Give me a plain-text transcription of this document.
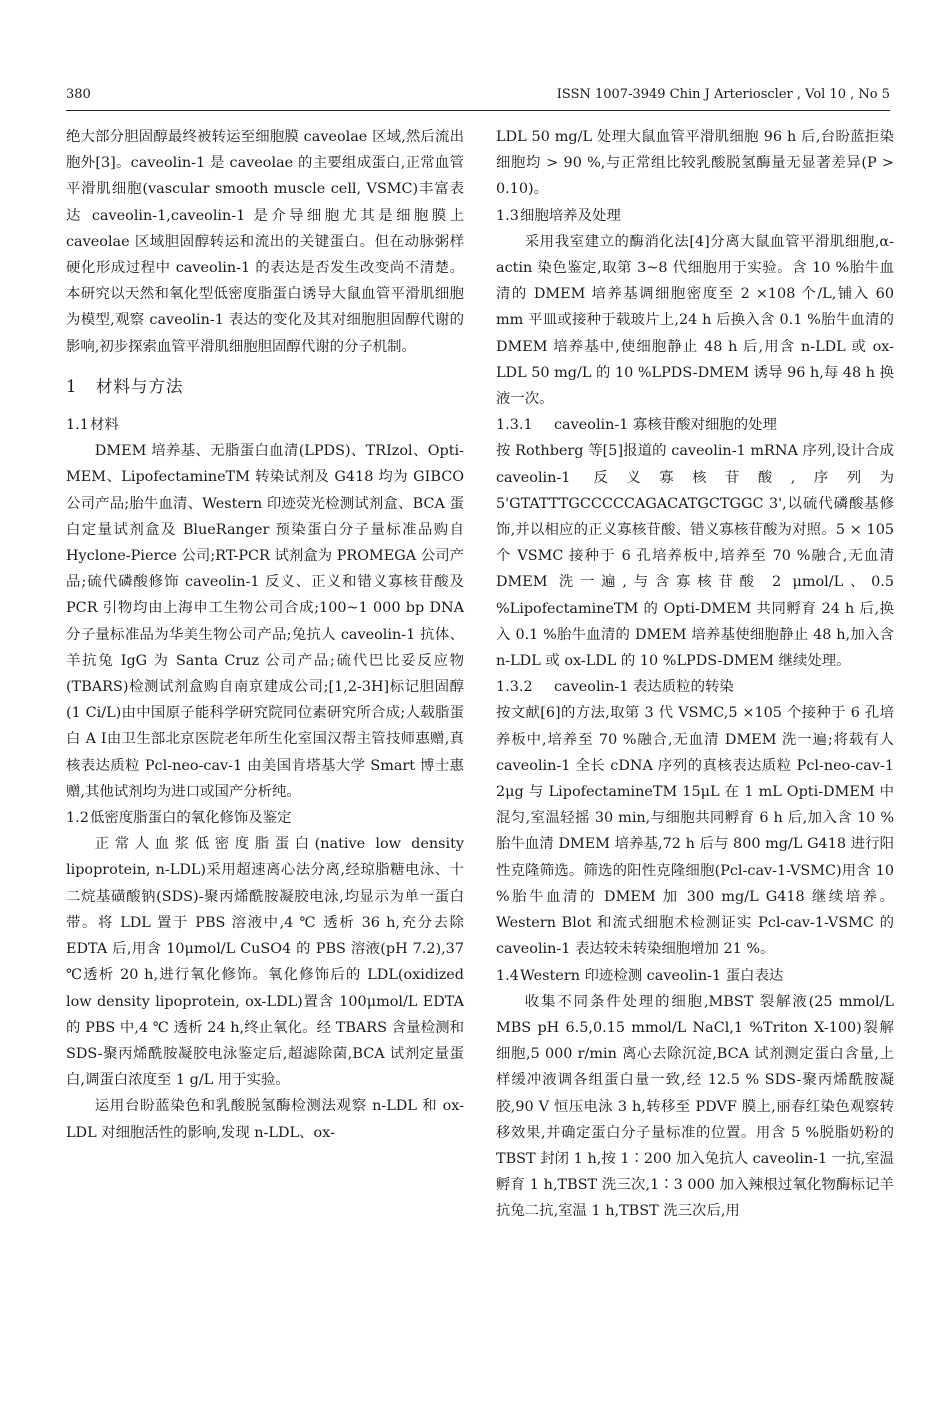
380	ISSN 1007-3949 Chin J Arterioscler , Vol 10 , No 5

绝大部分胆固醇最终被转运至细胞膜 caveolae 区域,然后流出胞外[3]。caveolin-1 是 caveolae 的主要组成蛋白,正常血管平滑肌细胞(vascular smooth muscle cell, VSMC)丰富表达 caveolin-1,caveolin-1 是介导细胞尤其是细胞膜上 caveolae 区域胆固醇转运和流出的关键蛋白。但在动脉粥样硬化形成过程中 caveolin-1 的表达是否发生改变尚不清楚。本研究以天然和氧化型低密度脂蛋白诱导大鼠血管平滑肌细胞为模型,观察 caveolin-1 表达的变化及其对细胞胆固醇代谢的影响,初步探索血管平滑肌细胞胆固醇代谢的分子机制。

1 材料与方法

1.1材料

DMEM 培养基、无脂蛋白血清(LPDS)、TRIzol、Opti-MEM、LipofectamineTM 转染试剂及 G418 均为 GIBCO 公司产品;胎牛血清、Western 印迹荧光检测试剂盒、BCA 蛋白定量试剂盒及 BlueRanger 预染蛋白分子量标准品购自 Hyclone-Pierce 公司;RT-PCR 试剂盒为 PROMEGA 公司产品;硫代磷酸修饰 caveolin-1 反义、正义和错义寡核苷酸及 PCR 引物均由上海申工生物公司合成;100~1 000 bp DNA 分子量标准品为华美生物公司产品;兔抗人 caveolin-1 抗体、羊抗兔 IgG 为 Santa Cruz 公司产品;硫代巴比妥反应物(TBARS)检测试剂盒购自南京建成公司;[1,2-3H]标记胆固醇(1 Ci/L)由中国原子能科学研究院同位素研究所合成;人载脂蛋白 A Ⅰ由卫生部北京医院老年所生化室国汉帮主管技师惠赠,真核表达质粒 Pcl-neo-cav-1 由美国肯塔基大学 Smart 博士惠赠,其他试剂均为进口或国产分析纯。

1.2低密度脂蛋白的氧化修饰及鉴定

正常人血浆低密度脂蛋白(native low density lipoprotein, n-LDL)采用超速离心法分离,经琼脂糖电泳、十二烷基磺酸钠(SDS)-聚丙烯酰胺凝胶电泳,均显示为单一蛋白带。将 LDL 置于 PBS 溶液中,4 ℃ 透析 36 h,充分去除 EDTA 后,用含 10μmol/L CuSO4 的 PBS 溶液(pH 7.2),37 ℃透析 20 h,进行氧化修饰。氧化修饰后的 LDL(oxidized low density lipoprotein, ox-LDL)置含 100μmol/L EDTA 的 PBS 中,4 ℃ 透析 24 h,终止氧化。经 TBARS 含量检测和 SDS-聚丙烯酰胺凝胶电泳鉴定后,超滤除菌,BCA 试剂定量蛋白,调蛋白浓度至 1 g/L 用于实验。

运用台盼蓝染色和乳酸脱氢酶检测法观察 n-LDL 和 ox-LDL 对细胞活性的影响,发现 n-LDL、ox-

LDL 50 mg/L 处理大鼠血管平滑肌细胞 96 h 后,台盼蓝拒染细胞均 > 90 %,与正常组比较乳酸脱氢酶量无显著差异(P > 0.10)。

1.3细胞培养及处理

采用我室建立的酶消化法[4]分离大鼠血管平滑肌细胞,α-actin 染色鉴定,取第 3~8 代细胞用于实验。含 10 %胎牛血清的 DMEM 培养基调细胞密度至 2 ×108 个/L,铺入 60 mm 平皿或接种于载玻片上,24 h 后换入含 0.1 %胎牛血清的 DMEM 培养基中,使细胞静止 48 h 后,用含 n-LDL 或 ox-LDL 50 mg/L 的 10 %LPDS-DMEM 诱导 96 h,每 48 h 换液一次。

1.3.1 caveolin-1 寡核苷酸对细胞的处理

按 Rothberg 等[5]报道的 caveolin-1 mRNA 序列,设计合成 caveolin-1 反义寡核苷酸,序列为 5'GTATTTGCCCCCAGACATGCTGGC 3',以硫代磷酸基修饰,并以相应的正义寡核苷酸、错义寡核苷酸为对照。5 × 105 个 VSMC 接种于 6 孔培养板中,培养至 70 %融合,无血清 DMEM 洗一遍,与含寡核苷酸 2 μmol/L、0.5 %LipofectamineTM 的 Opti-DMEM 共同孵育 24 h 后,换入 0.1 %胎牛血清的 DMEM 培养基使细胞静止 48 h,加入含 n-LDL 或 ox-LDL 的 10 %LPDS-DMEM 继续处理。

1.3.2 caveolin-1 表达质粒的转染

按文献[6]的方法,取第 3 代 VSMC,5 ×105 个接种于 6 孔培养板中,培养至 70 %融合,无血清 DMEM 洗一遍;将载有人 caveolin-1 全长 cDNA 序列的真核表达质粒 Pcl-neo-cav-1 2μg 与 LipofectamineTM 15μL 在 1 mL Opti-DMEM 中混匀,室温轻摇 30 min,与细胞共同孵育 6 h 后,加入含 10 %胎牛血清 DMEM 培养基,72 h 后与 800 mg/L G418 进行阳性克隆筛选。筛选的阳性克隆细胞(Pcl-cav-1-VSMC)用含 10 %胎牛血清的 DMEM 加 300 mg/L G418 继续培养。Western Blot 和流式细胞术检测证实 Pcl-cav-1-VSMC 的 caveolin-1 表达较未转染细胞增加 21 %。

1.4Western 印迹检测 caveolin-1 蛋白表达

收集不同条件处理的细胞,MBST 裂解液(25 mmol/L MBS pH 6.5,0.15 mmol/L NaCl,1 %Triton X-100)裂解细胞,5 000 r/min 离心去除沉淀,BCA 试剂测定蛋白含量,上样缓冲液调各组蛋白量一致,经 12.5 % SDS-聚丙烯酰胺凝胶,90 V 恒压电泳 3 h,转移至 PDVF 膜上,丽春红染色观察转移效果,并确定蛋白分子量标准的位置。用含 5 %脱脂奶粉的 TBST 封闭 1 h,按 1∶200 加入兔抗人 caveolin-1 一抗,室温孵育 1 h,TBST 洗三次,1∶3 000 加入辣根过氧化物酶标记羊抗兔二抗,室温 1 h,TBST 洗三次后,用
